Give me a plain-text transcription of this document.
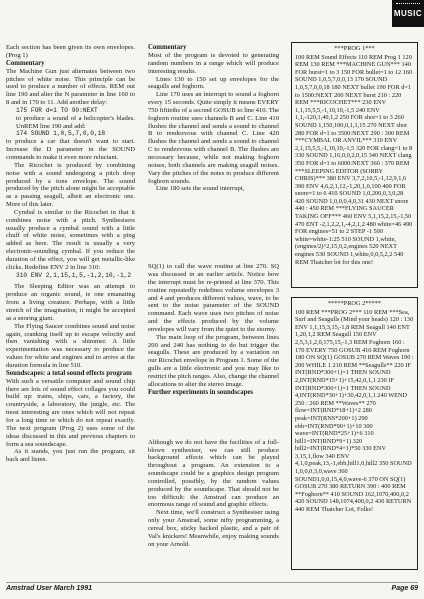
MUSIC

Each section has been given its own envelopes. (Prog 1)

Commentary

The Machine Gun just alternates between two pitches of white noise. This principle can be used to produce a number of effects. REM out line 190 and alter the N parameter in line 160 to 8 and in 170 to 11. Add another delay:

175 FOR d=1 TO 90:NEXT

to produce a sound of a helicopter's blades. UnREM line 190 and add:

174 SOUND 1,0,5,7,0,0,18

to produce a car that doesn't want to start. Increase the D parameter in the SOUND commands to make it even more reluctant.

The Ricochet is produced by combining noise with a sound undergoing a pitch drop produced by a tone envelope. The sound produced by the pitch alone might be acceptable as a passing seagull, albeit an electronic one. More of this later.

Cymbal is similar to the Ricochet in that it combines noise with a pitch. Synthesisers usually produce a cymbal sound with a little chuff of white noise, sometimes with a ping added as here. The result is usually a very electronic-sounding cymbal. If you reduce the duration of the effect, you will get metallic-like clicks. Redefine ENV 2 in line 310:

310 ENV 2,1,15,1,5,-1,2,10,-1,2

The Sleeping Editor was an attempt to produce an organic sound, ie one emanating from a living creature. Perhaps, with a little stretch of the imagination, it might be accepted as a snoring giant.

The Flying Saucer combines sound and noise again, cranking itself up to escape velocity and then vanishing with a shimmer. A little experimentation was necessary to produce the values for white and engines and to arrive at the duration formula in line 510.

Soundscapes: a total sound effects program

With such a versatile computer and sound chip there are lots of sound effect collages you could build up: trains, ships, cars, a factory, the countryside, a laboratory, the jungle, etc. The most interesting are ones which will not repeat for a long time or which do not repeat exactly. The next program (Prog 2) uses some of the ideas discussed in this and previous chapters to form a sea soundscape.

As it stands, you just run the program, sit back and listen.

Commentary

Most of the program is devoted to generating random numbers in a range which will produce interesting results.

Lines 130 to 150 set up envelopes for the seagulls and foghorn.

Line 170 uses an interrupt to sound a foghorn every 15 seconds. Quite simply it means EVERY 750 fiftieths of a second GOSUB to line 410. The foghorn routine uses channels B and C. Line 410 flushes the channel and sends a sound to channel B to rendezvous with channel C. Line 420 flushes the channel and sends a sound to channel C to rendezvous with channel B. The flushes are necessary because, while not making foghorn noises, both channels are making seagull noises. Vary the pitches of the notes to produce different foghorn sounds.

Line 180 sets the sound interrupt,

SQ(1) to call the wave routine at line 270. SQ was discussed in an earlier article. Notice how the interrupt must be re-primed at line 370. This routine repeatedly redefines volume envelopes 3 and 4 and produces different values, wave, to be sent to the noise parameter of the SOUND command. Each wave uses two pitches of noise and the effects produced by the volume envelopes will vary from the quiet to the stormy.

The main loop of the program, between lines 200 and 240 has nothing to do but trigger the seagulls. These are produced by a variation on our Ricochet envelope in Program 1. Some of the gulls are a little electronic and you may like to restrict the pitch ranges. Also, change the channel allocations to alter the stereo image.

Further experiments in soundscapes

Although we do not have the facilities of a full-blown synthesiser, we can still produce background effects which can be played throughout a program. An extension to a soundscape could be a graphics design program controlled, possibly, by the random values produced by the soundscape. That should not be too difficult: the Amstrad can produce an enormous range of sound and graphic effects.

Next time, we'll construct a Synthesiser using only your Amstrad, some nifty programming, a cereal box, sticky backed plastic, and a pair of Val's knickers! Meanwhile, enjoy making sounds on your Arnold.

***PROG 1***
100 REM Sound Effects 110 REM Prog 1 120 REM 130 REM ***MACHINE GUN*** 140 FOR burst=1 to 3 150 FOR bullet=1 to 12 160 SOUND 1,0,5,7,0,0,13 170 SOUND 1,0,5,7,0,0,18 180 NEXT bullet 190 FOR d=1 to 1500:NEXT 200 NEXT burst 210 : 220 REM ***RICOCHET*** 230 ENV 1,1,15,5,5,-1,10,10,-1,5 240 ENV 1,1,-120,1,40,1,2 250 FOR shot=1 to 3 260 SOUND 1,150,100,0,1,1,15 270 NEXT shot 280 FOR d=1 to 3500:NEXT 290 : 300 REM ***CYMBAL OR ANVIL*** 310 ENV 2,1,15,5,5,-1,10,10,-1,5 320 FOR clang=1 to 8 330 SOUND 1,16,0,0,2,0,15 340 NEXT clang 350 FOR d=1 to 6000:NEXT 360 : 370 REM ***SLEEPING EDITOR (SORRY CHRIS)*** 380 ENV 3,7,2,10,5,-1,12,9,1,6 390 ENV 4,6,2,1,12,-1,20,1,0,100 400 FOR snore=1 to 6 410 SOUND 1,0,200,0,3,0,28 420 SOUND 1,0,0,0,4,0,31 430 NEXT snore 440 : 450 REM ***FLYING SAUCER TAKING OFF*** 460 ENV 5,1,15,2,15,-1,50 470 ENT -2,1,2,2,1,-4,2,1,2 480 white=46 490 FOR engines=51 to 2 STEP -1 500 white=white-1:25 510 SOUND 1,white,(engines/2)^2,15,0,2,engines 520 NEXT engines 530 SOUND 1,white,0,0,5,2,2 540 REM Thatcher lot for this one!
*****PROG 2*****
100 REM ***PROG 2*** 110 REM ***Sea, Surf and Seagulls (Mind your heads) 120 : 130 ENV 1,1,15,3,15,-1,8 REM Seagull 140 ENT 1,20,1,2 REM Seagull 150 ENV 2,5,3,1,2,0,175,15,-1,3 REM Foghorn 160 : 170 EVERY 750 GOSUB 410 REM Foghorn 180 ON SQ(1) GOSUB 270 REM Waves 190 : 200 WHILE 1 210 REM **Seagulls** 220 IF INT(RND*300+1)=1 THEN SOUND 2,INT(RND*15+1)+15,42,0,1,1 230 IF INT(RND*300+1)=1 THEN SOUND 4,INT(RND*30+1)+30,42,0,1,1 240 WEND 250 : 260 REM **Waves** 270 flow=INT(RND*18+1)+2 280 peak=INT(RNS*200+1) 290 ebb=INT(RND*90+1)+10 300 wave=INT(RND*25+1)+6 310 hill1=INT(RND*9+1) 320 hill2=INT(RND*4+1)*50 330 ENV 3,15,1,flow 340 ENV 4,1,0,peak,13,-1,ebb,hill1,0,hill2 350 SOUND 1,0,0,0,3,0,wave 360 SOUND1,0,0,15,4,0,wave-6 370 ON SQ(1) GOSUB 270 380 RETURN 390 : 400 REM **Foghorn** 410 SOUND 162,1070,400,0,2 420 SOUND 148,1074,400,0,2 430 RETURN 440 REM Thatcher Lot, Folks!
Amstrad User March 1991	Page 69
